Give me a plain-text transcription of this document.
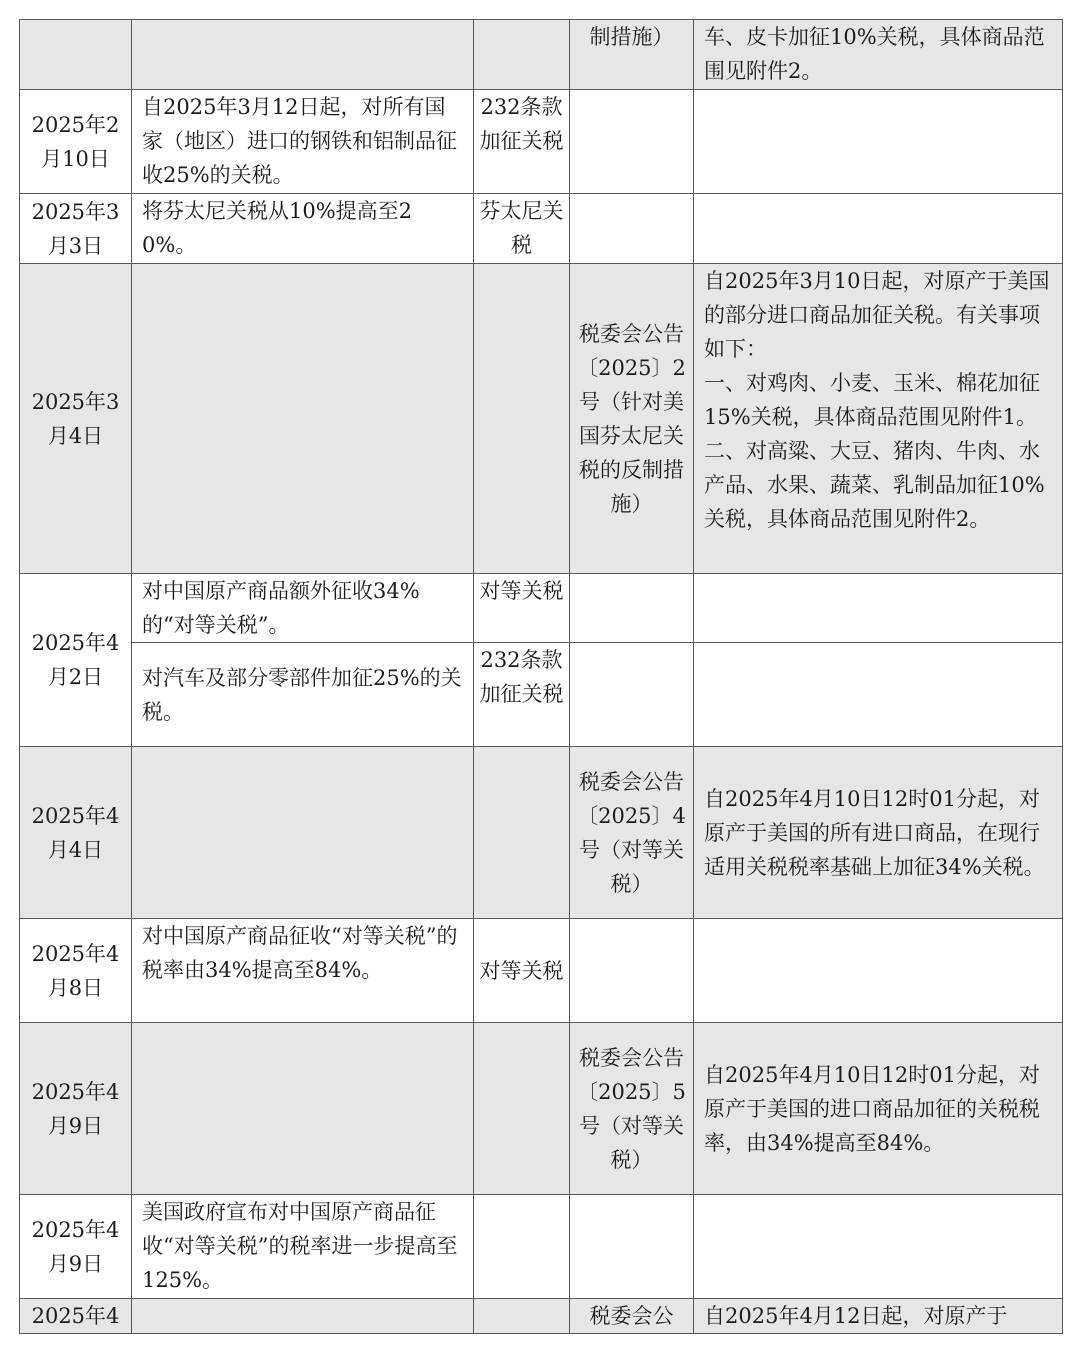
			制措施）	车、皮卡加征10%关税，具体商品范围见附件2。

2025年2月10日	自2025年3月12日起，对所有国家（地区）进口的钢铁和铝制品征收25%的关税。	232条款加征关税		

2025年3月3日	将芬太尼关税从10%提高至20%。	芬太尼关税		

2025年3月4日			税委会公告〔2025〕2号（针对美国芬太尼关税的反制措施）	自2025年3月10日起，对原产于美国的部分进口商品加征关税。有关事项如下：
一、对鸡肉、小麦、玉米、棉花加征15%关税，具体商品范围见附件1。
二、对高粱、大豆、猪肉、牛肉、水产品、水果、蔬菜、乳制品加征10%关税，具体商品范围见附件2。

2025年4月2日	对中国原产商品额外征收34%的“对等关税”。	对等关税		

	对汽车及部分零部件加征25%的关税。	232条款加征关税		

2025年4月4日			税委会公告〔2025〕4号（对等关税）	自2025年4月10日12时01分起，对原产于美国的所有进口商品，在现行适用关税税率基础上加征34%关税。

2025年4月8日	对中国原产商品征收“对等关税”的税率由34%提高至84%。	对等关税		

2025年4月9日			税委会公告〔2025〕5号（对等关税）	自2025年4月10日12时01分起，对原产于美国的进口商品加征的关税税率，由34%提高至84%。

2025年4月9日	美国政府宣布对中国原产商品征收“对等关税”的税率进一步提高至125%。			

2025年4			税委会公	自2025年4月12日起，对原产于
